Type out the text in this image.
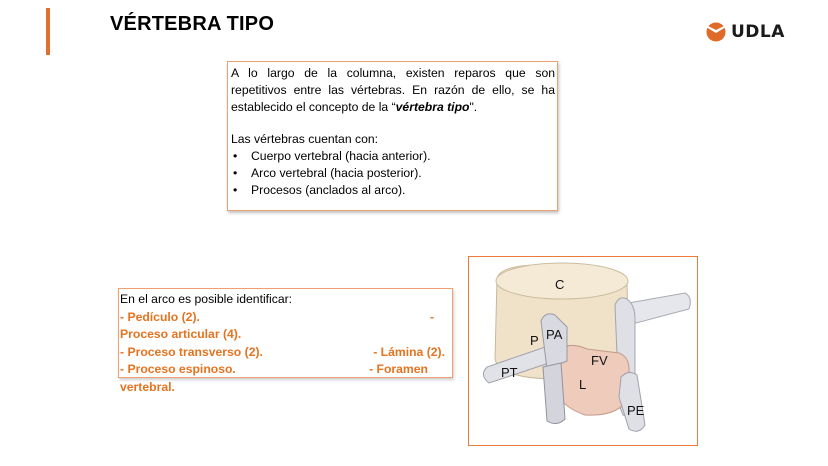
VÉRTEBRA TIPO	UDLA
A lo largo de la columna, existen reparos que son repetitivos entre las vértebras. En razón de ello, se ha establecido el concepto de la “vértebra tipo".
Las vértebras cuentan con:
• Cuerpo vertebral (hacia anterior).
• Arco vertebral (hacia posterior).
• Procesos (anclados al arco).
En el arco es posible identificar:
- Pedículo (2).	-
Proceso articular (4).
- Proceso transverso (2).	- Lámina (2).
- Proceso espinoso.	- Foramen
vertebral.
C
PA
P
FV
PT
L
PE
